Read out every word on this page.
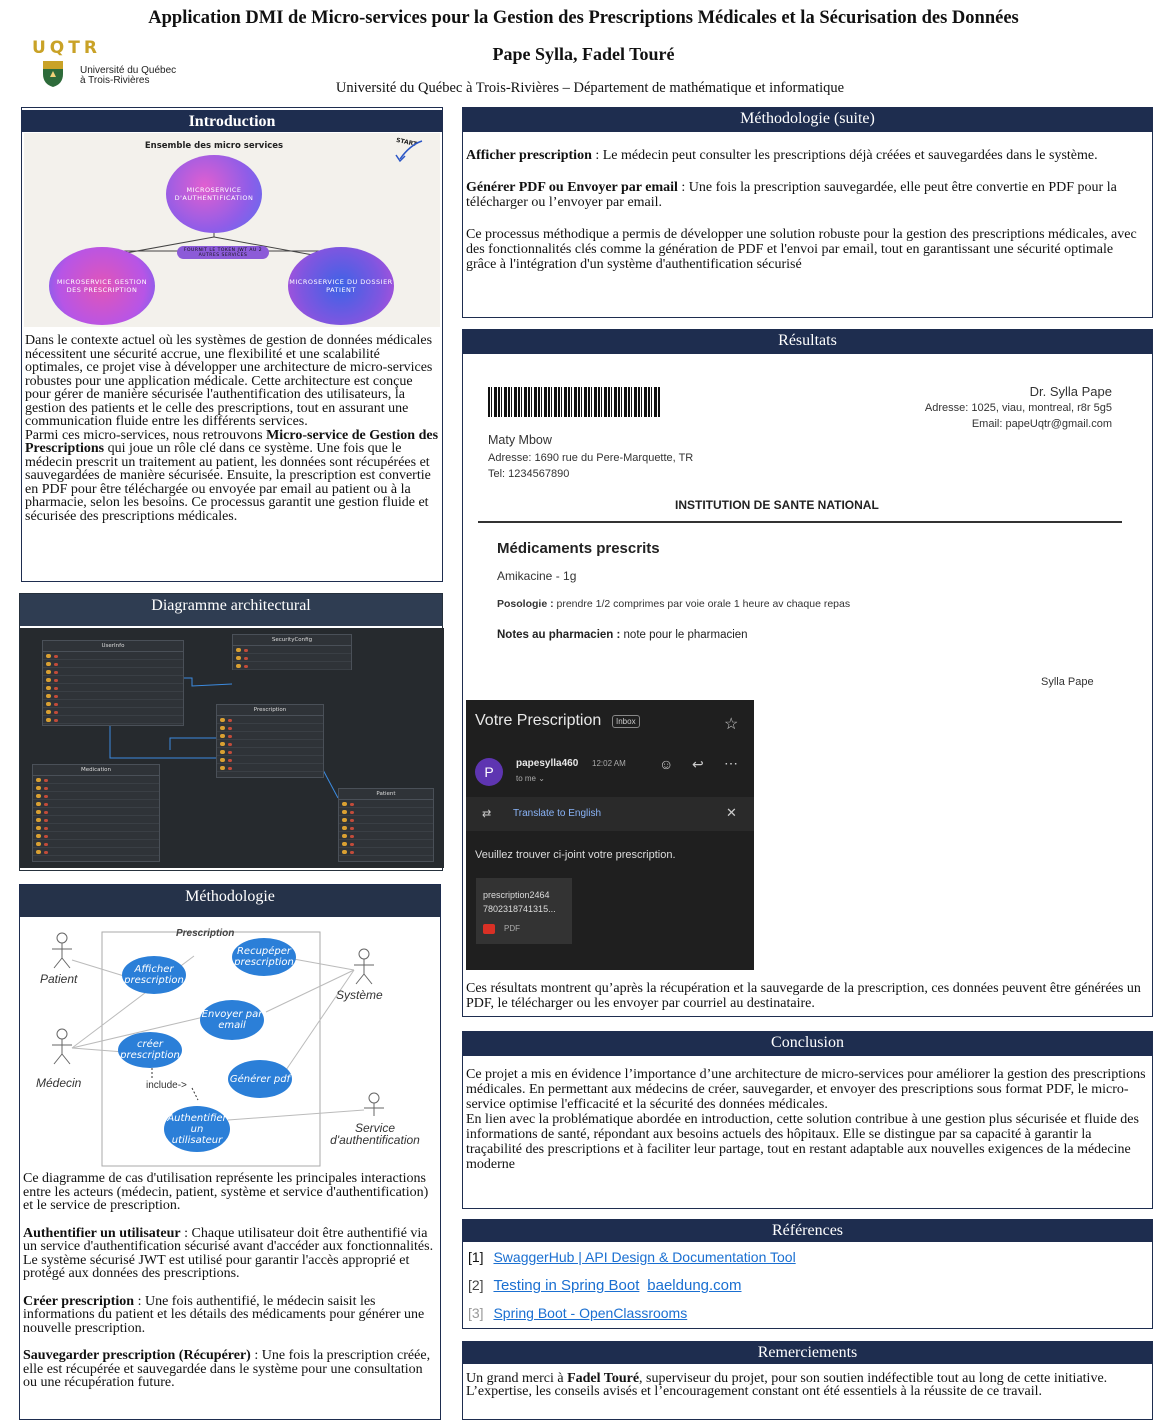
Application DMI de Micro-services pour la Gestion des Prescriptions Médicales et la Sécurisation des Données
Pape Sylla, Fadel Touré
Université du Québec à Trois-Rivières – Département de mathématique et informatique
UQTR
Université du Québec
à Trois-Rivières
Introduction
Ensemble des micro services	START
MICROSERVICE D'AUTHENTIFICATION
FOURNIT LE TOKEN JWT AU 2 AUTRES SERVICES
MICROSERVICE GESTION DES PRESCRIPTION
MICROSERVICE DU DOSSIER PATIENT

Dans le contexte actuel où les systèmes de gestion de données médicales nécessitent une sécurité accrue, une flexibilité et une scalabilité optimales, ce projet vise à développer une architecture de micro-services robustes pour une application médicale. Cette architecture est conçue pour gérer de manière sécurisée l'authentification des utilisateurs, la gestion des patients et le celle des prescriptions, tout en assurant une communication fluide entre les différents services.

Parmi ces micro-services, nous retrouvons Micro-service de Gestion des Prescriptions qui joue un rôle clé dans ce système. Une fois que le médecin prescrit un traitement au patient, les données sont récupérées et sauvegardées de manière sécurisée. Ensuite, la prescription est convertie en PDF pour être téléchargée ou envoyée par email au patient ou à la pharmacie, selon les besoins. Ce processus garantit une gestion fluide et sécurisée des prescriptions médicales.

Diagramme architectural
UserInfo
SecurityConfig
Prescription
Medication
Patient
Méthodologie
Prescription
Patient
Médecin
Système
Service d'authentification
Afficher prescription
Recupéper prescription
Envoyer par email
créer prescription
Générer pdf
Authentifier un utilisateur
include->

Ce diagramme de cas d'utilisation représente les principales interactions entre les acteurs (médecin, patient, système et service d'authentification) et le service de prescription.

Authentifier un utilisateur : Chaque utilisateur doit être authentifié via un service d'authentification sécurisé avant d'accéder aux fonctionnalités. Le système sécurisé JWT est utilisé pour garantir l'accès approprié et protégé aux données des prescriptions.

Créer prescription : Une fois authentifié, le médecin saisit les informations du patient et les détails des médicaments pour générer une nouvelle prescription.

Sauvegarder prescription (Récupérer) : Une fois la prescription créée, elle est récupérée et sauvegardée dans le système pour une consultation ou une récupération future.

Méthodologie (suite)

Afficher prescription : Le médecin peut consulter les prescriptions déjà créées et sauvegardées dans le système.

Générer PDF ou Envoyer par email : Une fois la prescription sauvegardée, elle peut être convertie en PDF pour la télécharger ou l’envoyer par email.

Ce processus méthodique a permis de développer une solution robuste pour la gestion des prescriptions médicales, avec des fonctionnalités clés comme la génération de PDF et l'envoi par email, tout en garantissant une sécurité optimale grâce à l'intégration d'un système d'authentification sécurisé

Résultats
Dr. Sylla Pape
Adresse: 1025, viau, montreal, r8r 5g5
Email: papeUqtr@gmail.com
Maty Mbow
Adresse: 1690 rue du Pere-Marquette, TR
Tel: 1234567890
INSTITUTION DE SANTE NATIONAL
Médicaments prescrits
Amikacine - 1g
Posologie : prendre 1/2 comprimes par voie orale 1 heure av chaque repas
Notes au pharmacien : note pour le pharmacien
Sylla Pape
Votre Prescription	Inbox	☆
P
papesylla460 12:02 AM
to me ⌄
☺ ↩ ⋯
⇄ Translate to English	✕
Veuillez trouver ci-joint votre prescription.
prescription2464
7802318741315...
PDF
Ces résultats montrent qu’après la récupération et la sauvegarde de la prescription, ces données peuvent être générées un PDF, le télécharger ou les envoyer par courriel au destinataire.
Conclusion

Ce projet a mis en évidence l’importance d’une architecture de micro-services pour améliorer la gestion des prescriptions médicales. En permettant aux médecins de créer, sauvegarder, et envoyer des prescriptions sous format PDF, le micro-service optimise l'efficacité et la sécurité des données médicales.

En lien avec la problématique abordée en introduction, cette solution contribue à une gestion plus sécurisée et fluide des informations de santé, répondant aux besoins actuels des hôpitaux. Elle se distingue par sa capacité à garantir la traçabilité des prescriptions et à faciliter leur partage, tout en restant adaptable aux nouvelles exigences de la médecine moderne

Références
[1] SwaggerHub | API Design & Documentation Tool
[2] Testing in Spring Boot baeldung.com
[3] Spring Boot - OpenClassrooms
Remerciements
Un grand merci à Fadel Touré, superviseur du projet, pour son soutien indéfectible tout au long de cette initiative. L’expertise, les conseils avisés et l’encouragement constant ont été essentiels à la réussite de ce travail.
